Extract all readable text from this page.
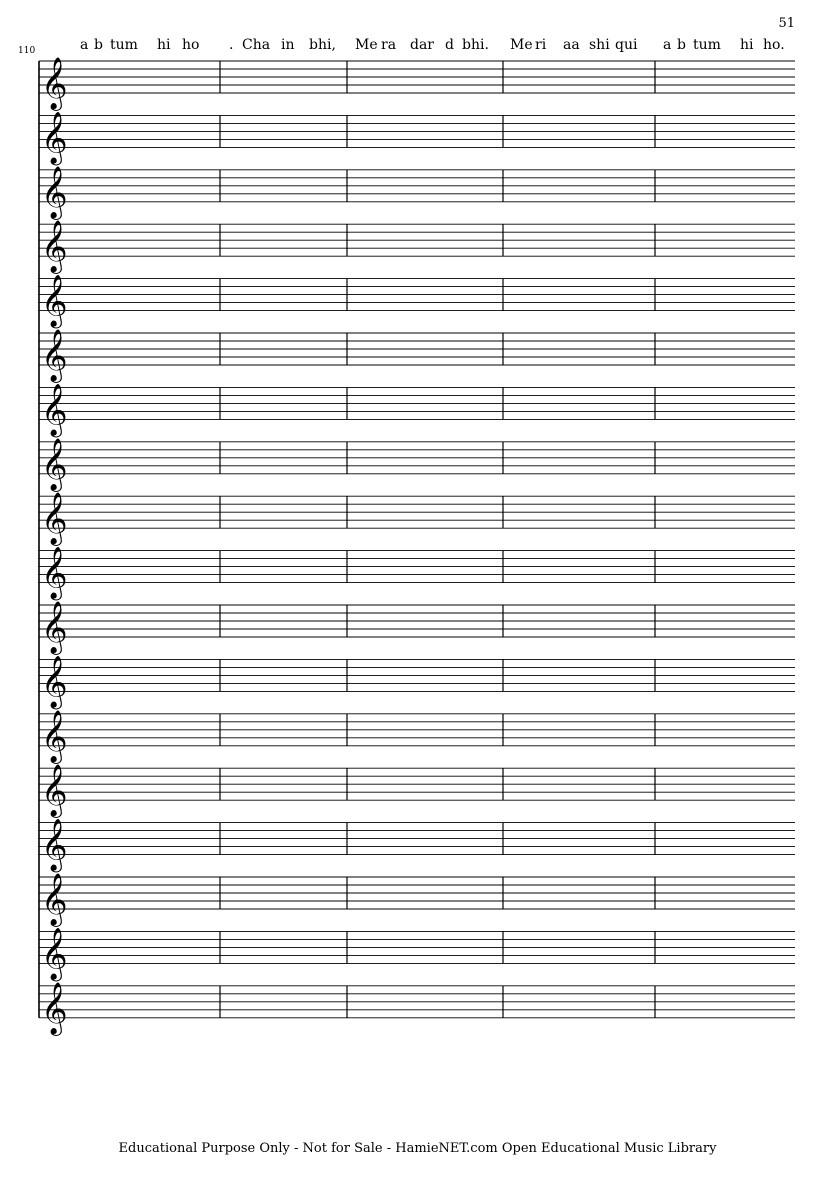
51
110	a b tum hi ho . Cha in bhi, Me ra dar d bhi. Me ri aa shi qui a b tum hi ho.
𝄞
𝄞
𝄞
𝄞
𝄞
𝄞
𝄞
𝄞
𝄞
𝄞
𝄞
𝄞
𝄞
𝄞
𝄞
𝄞
𝄞
𝄞
Educational Purpose Only - Not for Sale - HamieNET.com Open Educational Music Library
